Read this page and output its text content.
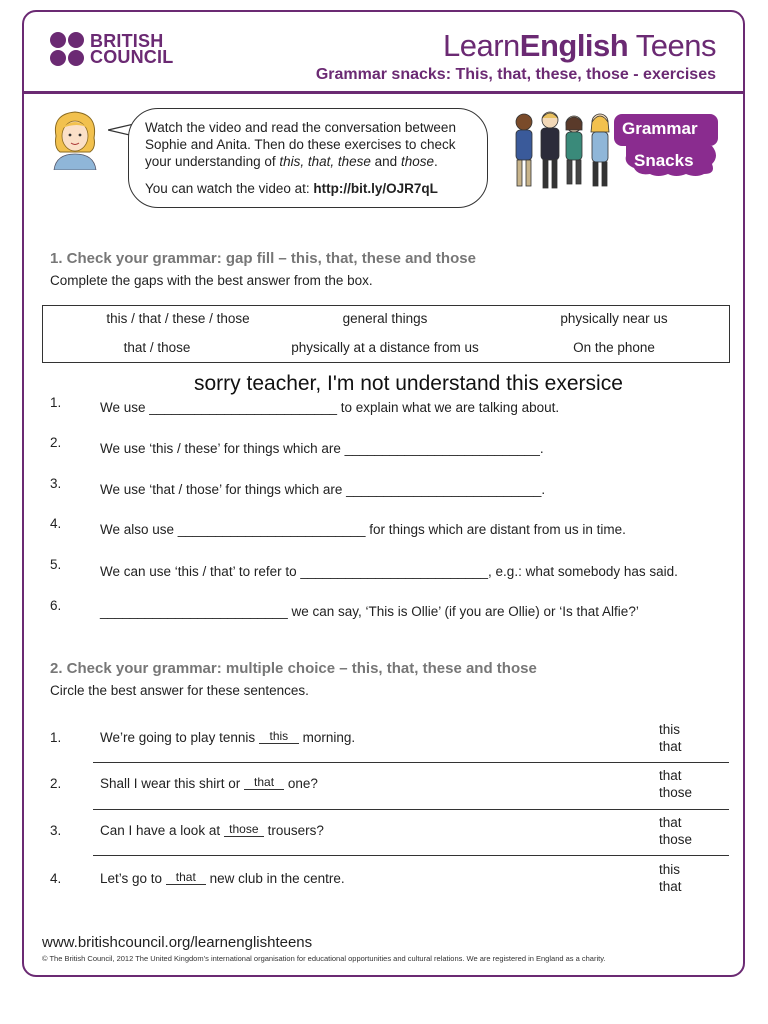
BRITISH
COUNCIL	LearnEnglish Teens
Grammar snacks: This, that, these, those - exercises

Watch the video and read the conversation between

Sophie and Anita. Then do these exercises to check

your understanding of this, that, these and those.

You can watch the video at: http://bit.ly/OJR7qL

Grammar
Snacks
1. Check your grammar: gap fill – this, that, these and those
Complete the gaps with the best answer from the box.
this / that / these / those	general things	physically near us
that / those	physically at a distance from us	On the phone
sorry teacher, I'm not understand this exersice
1.	We use _________________________ to explain what we are talking about.
2.	We use ‘this / these’ for things which are __________________________.
3.	We use ‘that / those’ for things which are __________________________.
4.	We also use _________________________ for things which are distant from us in time.
5.	We can use ‘this / that’ to refer to _________________________, e.g.: what somebody has said.
6.	_________________________ we can say, ‘This is Ollie’ (if you are Ollie) or ‘Is that Alfie?’
2. Check your grammar: multiple choice – this, that, these and those
Circle the best answer for these sentences.
1.	We’re going to play tennis this morning.
this
that
2.	Shall I wear this shirt or that one?
that
those
3.	Can I have a look at those trousers?
that
those
4.	Let’s go to that new club in the centre.
this
that
www.britishcouncil.org/learnenglishteens
© The British Council, 2012 The United Kingdom’s international organisation for educational opportunities and cultural relations. We are registered in England as a charity.
